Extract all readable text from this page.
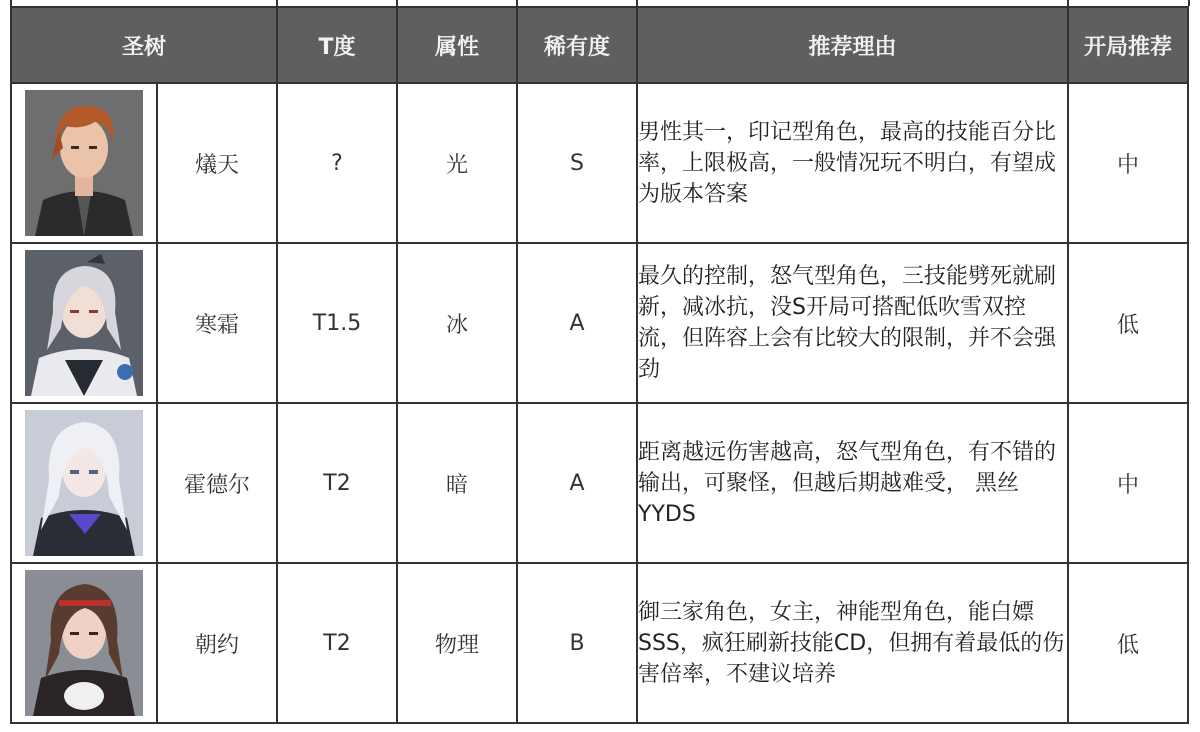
圣树		T度	属性	稀有度	推荐理由	开局推荐

	燨天	?	光	S	男性其一，印记型角色，最高的技能百分比率，上限极高，一般情况玩不明白，有望成为版本答案	中

	寒霜	T1.5	冰	A	最久的控制，怒气型角色，三技能劈死就刷新，减冰抗，没S开局可搭配低吹雪双控流，但阵容上会有比较大的限制，并不会强劲	低

	霍德尔	T2	暗	A	距离越远伤害越高，怒气型角色，有不错的输出，可聚怪，但越后期越难受， 黑丝YYDS	中

	朝约	T2	物理	B	御三家角色，女主，神能型角色，能白嫖SSS，疯狂刷新技能CD，但拥有着最低的伤害倍率，不建议培养	低
